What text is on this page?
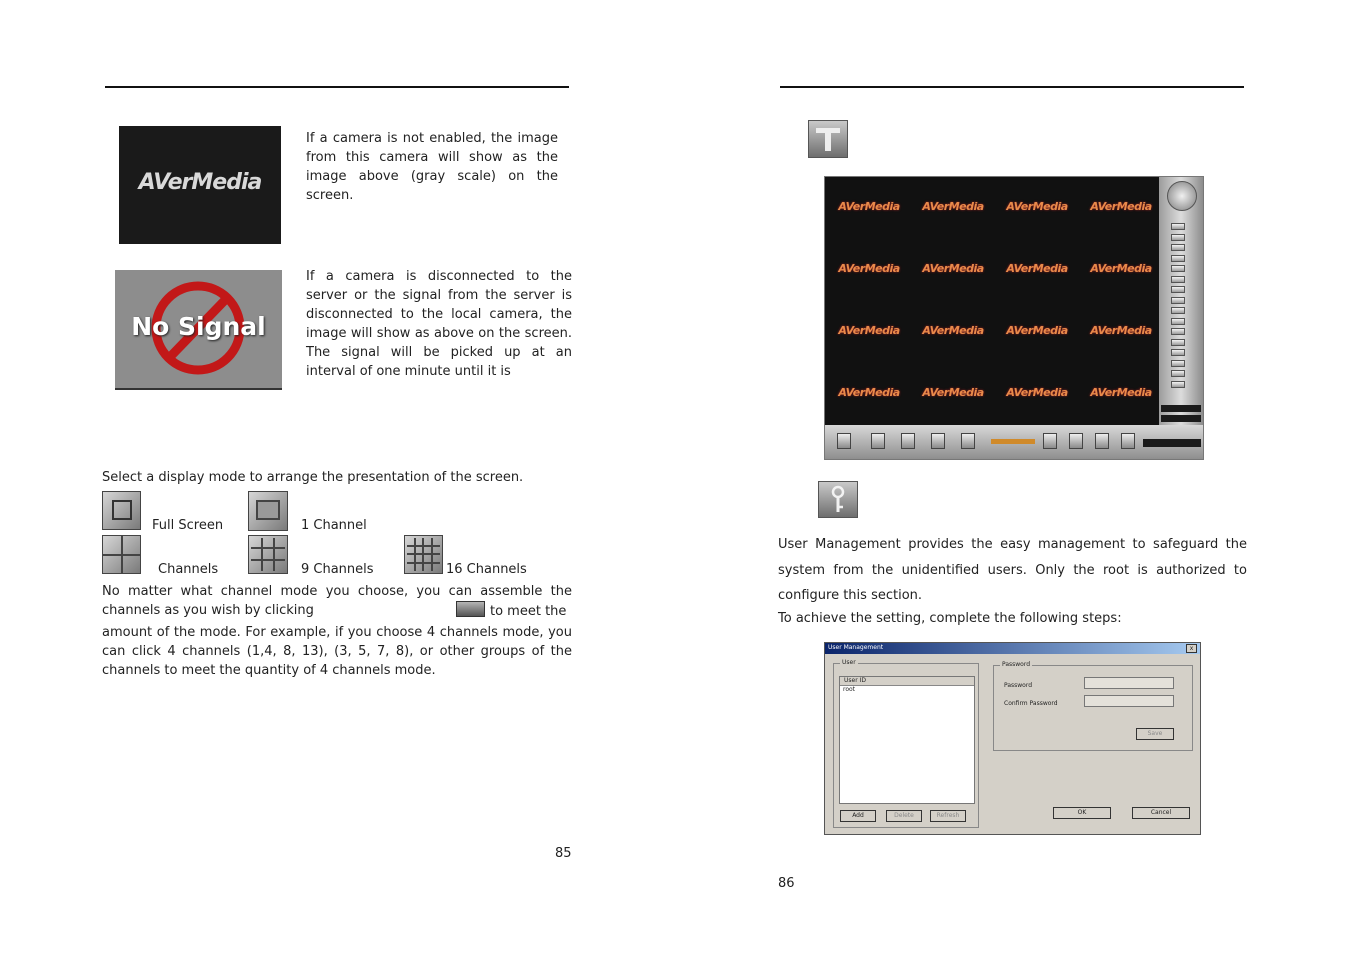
AVerMedia

If a camera is not enabled, the image from this camera will show as the image above (gray scale) on the screen.

No Signal

If a camera is disconnected to the server or the signal from the server is disconnected to the local camera, the image will show as above on the screen. The signal will be picked up at an interval of one minute until it is

Select a display mode to arrange the presentation of the screen.
Full Screen	1 Channel
Channels	9 Channels	16 Channels

No matter what channel mode you choose, you can assemble the channels as you wish by clicking	to meet the

amount of the mode. For example, if you choose 4 channels mode, you can click 4 channels (1,4, 8, 13), (3, 5, 7, 8), or other groups of the channels to meet the quantity of 4 channels mode.

85
AVerMedia	AVerMedia	AVerMedia	AVerMedia
AVerMedia	AVerMedia	AVerMedia	AVerMedia
AVerMedia	AVerMedia	AVerMedia	AVerMedia
AVerMedia	AVerMedia	AVerMedia	AVerMedia

User Management provides the easy management to safeguard the system from the unidentified users. Only the root is authorized to configure this section.

To achieve the setting, complete the following steps:
User Management	x
User
User ID
root
Add	Delete	Refresh
Password
Password
Confirm Password
Save
OK	Cancel
86
